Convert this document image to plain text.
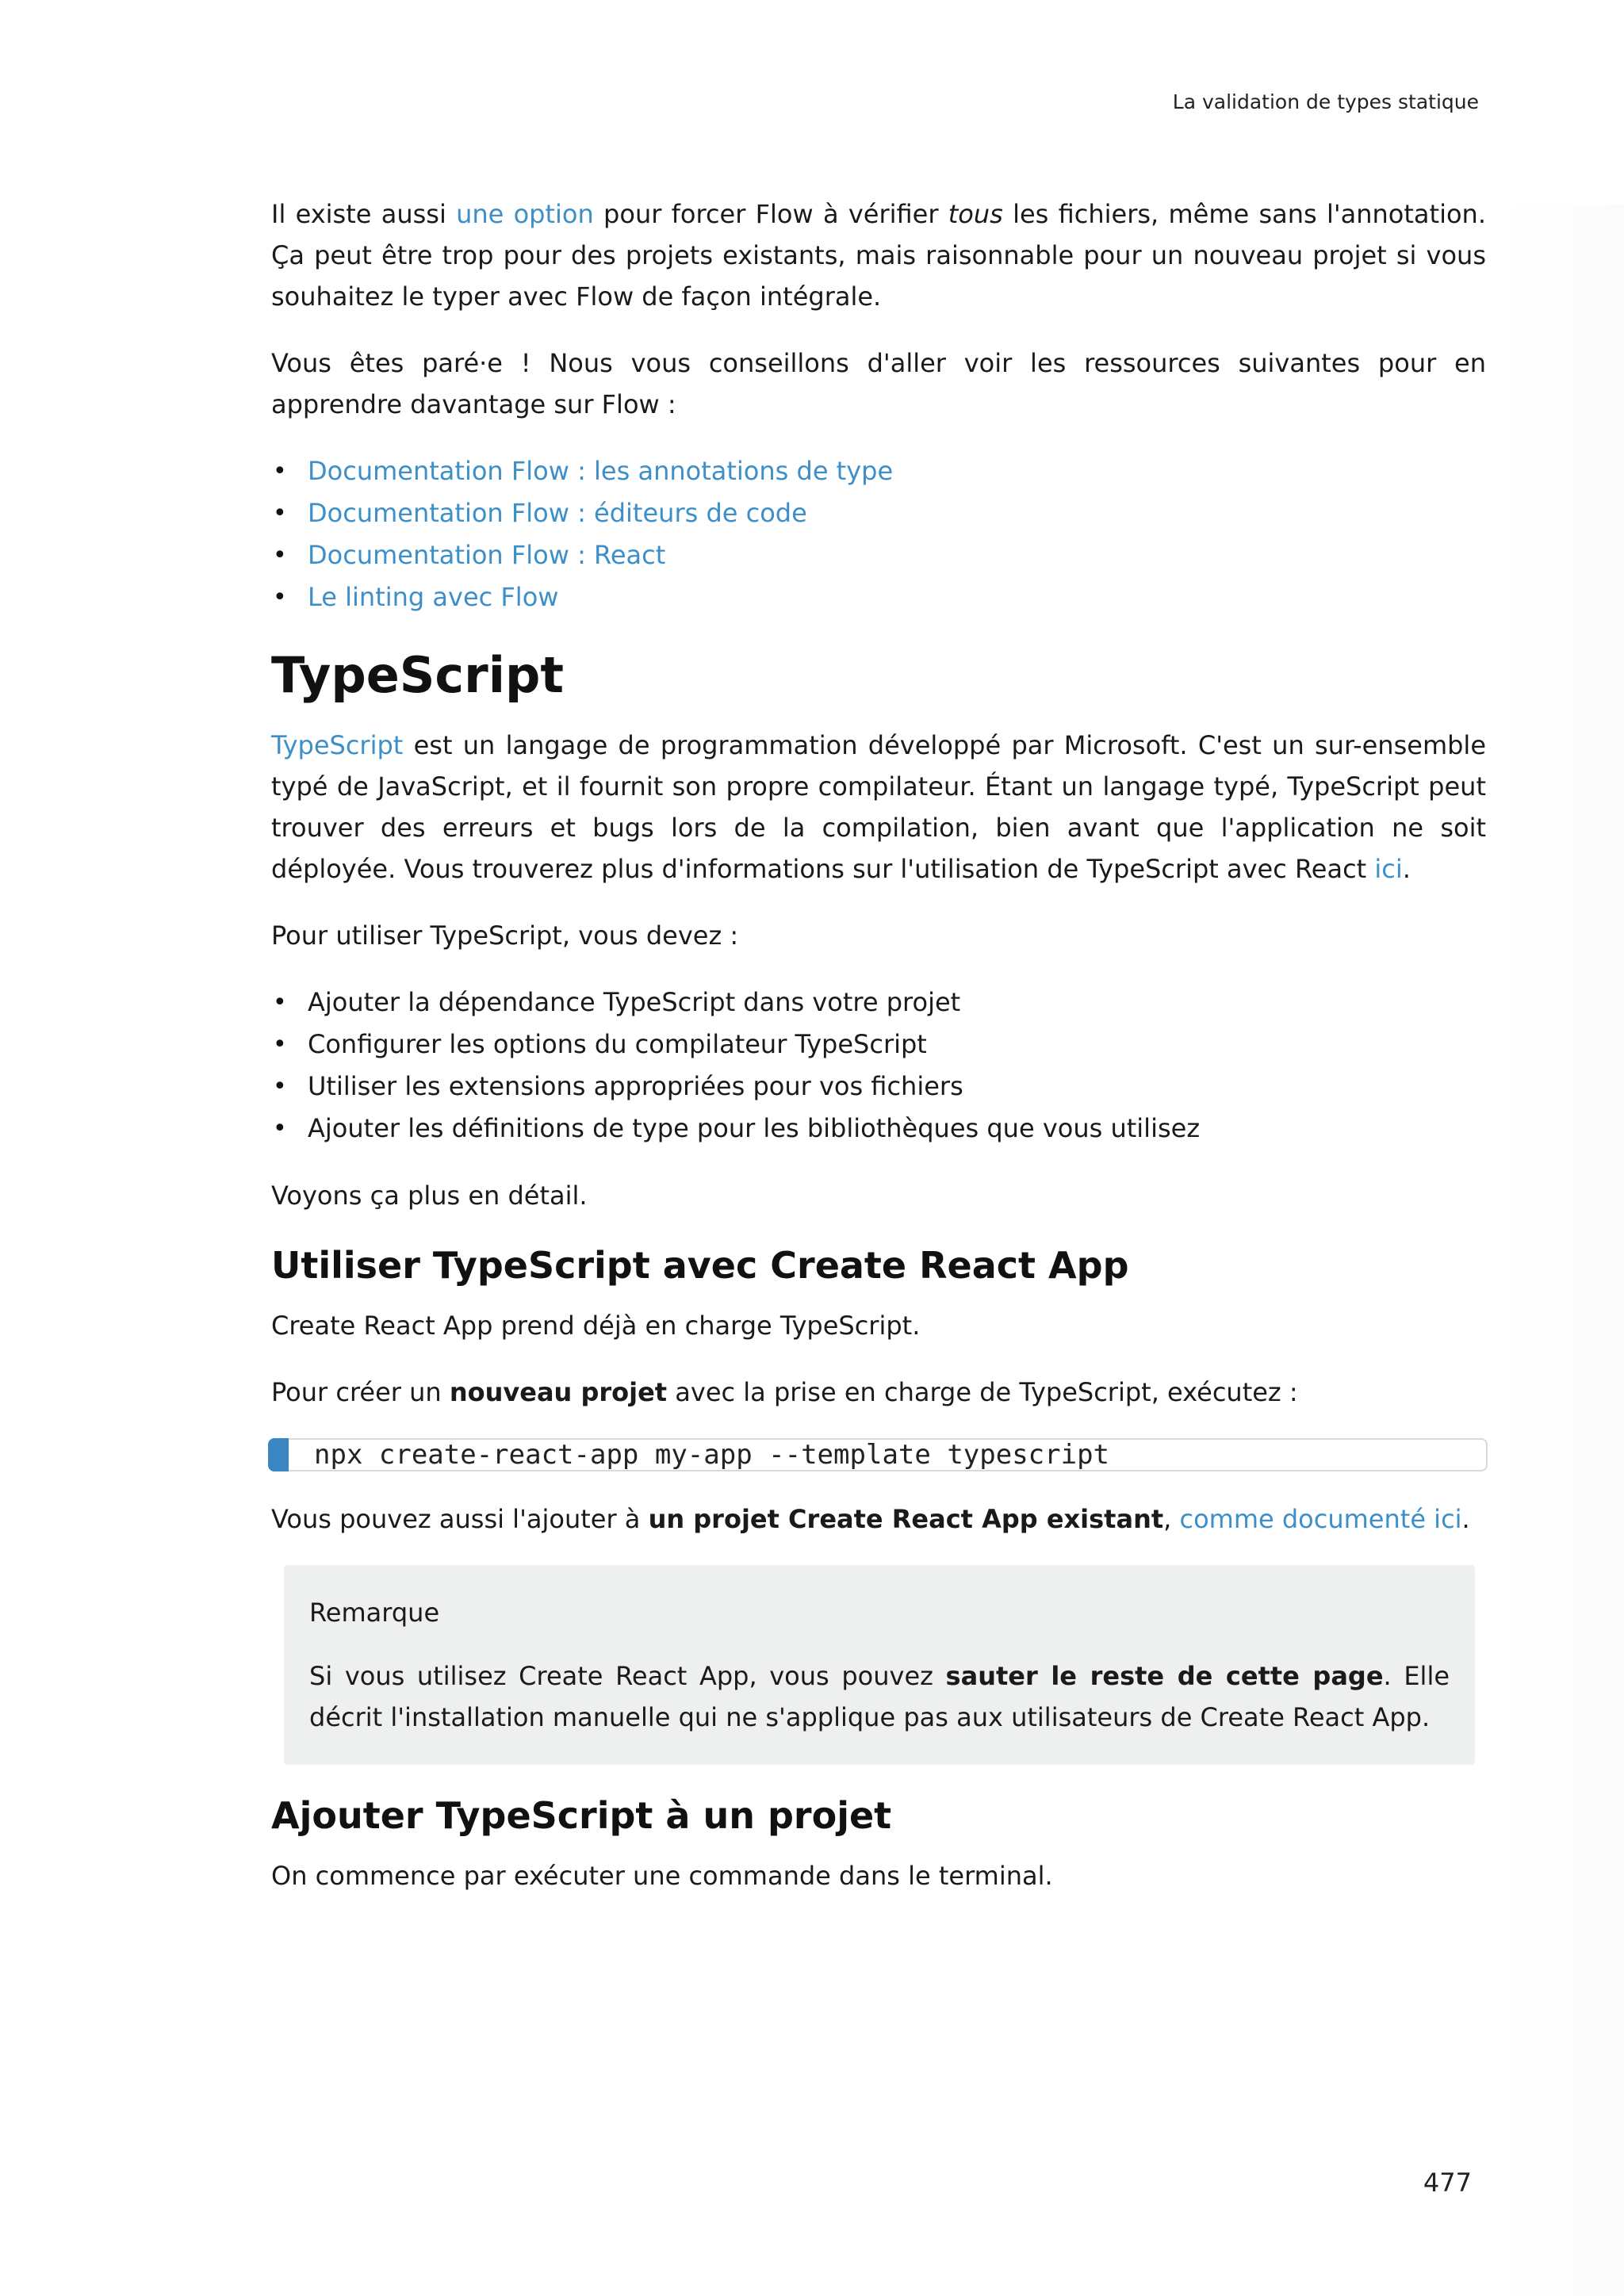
La validation de types statique

Il existe aussi une option pour forcer Flow à vérifier tous les fichiers, même sans l'annotation. Ça peut être trop pour des projets existants, mais raisonnable pour un nouveau projet si vous souhaitez le typer avec Flow de façon intégrale.

Vous êtes paré·e ! Nous vous conseillons d'aller voir les ressources suivantes pour en apprendre davantage sur Flow :

• Documentation Flow : les annotations de type
• Documentation Flow : éditeurs de code
• Documentation Flow : React
• Le linting avec Flow
TypeScript

TypeScript est un langage de programmation développé par Microsoft. C'est un sur-ensemble typé de JavaScript, et il fournit son propre compilateur. Étant un langage typé, TypeScript peut trouver des erreurs et bugs lors de la compilation, bien avant que l'application ne soit déployée. Vous trouverez plus d'informations sur l'utilisation de TypeScript avec React ici.

Pour utiliser TypeScript, vous devez :

• Ajouter la dépendance TypeScript dans votre projet
• Configurer les options du compilateur TypeScript
• Utiliser les extensions appropriées pour vos fichiers
• Ajouter les définitions de type pour les bibliothèques que vous utilisez

Voyons ça plus en détail.

Utiliser TypeScript avec Create React App

Create React App prend déjà en charge TypeScript.

Pour créer un nouveau projet avec la prise en charge de TypeScript, exécutez :

npx create-react-app my-app --template typescript

Vous pouvez aussi l'ajouter à un projet Create React App existant, comme documenté ici.

Remarque

Si vous utilisez Create React App, vous pouvez sauter le reste de cette page. Elle décrit l'installation manuelle qui ne s'applique pas aux utilisateurs de Create React App.

Ajouter TypeScript à un projet

On commence par exécuter une commande dans le terminal.

477
